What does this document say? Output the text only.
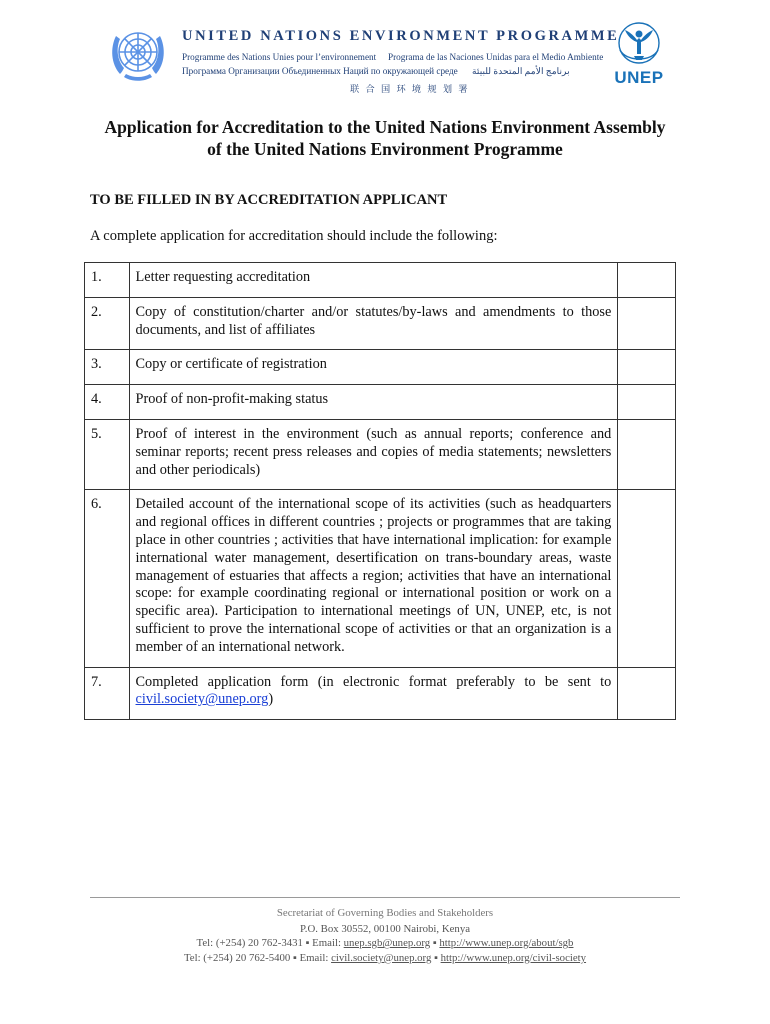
UNITED NATIONS ENVIRONMENT PROGRAMME
Programme des Nations Unies pour l’environnement Programa de las Naciones Unidas para el Medio Ambiente
Программа Организации Объединенных Наций по окружающей среде برنامج الأمم المتحدة للبيئة
联 合 国 环 境 规 划 署
UNEP
Application for Accreditation to the United Nations Environment Assembly
of the United Nations Environment Programme

TO BE FILLED IN BY ACCREDITATION APPLICANT

A complete application for accreditation should include the following:

1.	Letter requesting accreditation	
2.	Copy of constitution/charter and/or statutes/by-laws and amendments to those documents, and list of affiliates	
3.	Copy or certificate of registration	
4.	Proof of non-profit-making status	
5.	Proof of interest in the environment (such as annual reports; conference and seminar reports; recent press releases and copies of media statements; newsletters and other periodicals)	
6.	Detailed account of the international scope of its activities (such as headquarters and regional offices in different countries ; projects or programmes that are taking place in other countries ; activities that have international implication: for example international water management, desertification on trans-boundary areas, waste management of estuaries that affects a region; activities that have an international scope: for example coordinating regional or international position or work on a specific area). Participation to international meetings of UN, UNEP, etc, is not sufficient to prove the international scope of activities or that an organization is a member of an international network.	
7.	Completed application form (in electronic format preferably to be sent to civil.society@unep.org)	

Secretariat of Governing Bodies and Stakeholders

P.O. Box 30552, 00100 Nairobi, Kenya

Tel: (+254) 20 762-3431 ▪ Email: unep.sgb@unep.org ▪ http://www.unep.org/about/sgb

Tel: (+254) 20 762-5400 ▪ Email: civil.society@unep.org ▪ http://www.unep.org/civil-society
